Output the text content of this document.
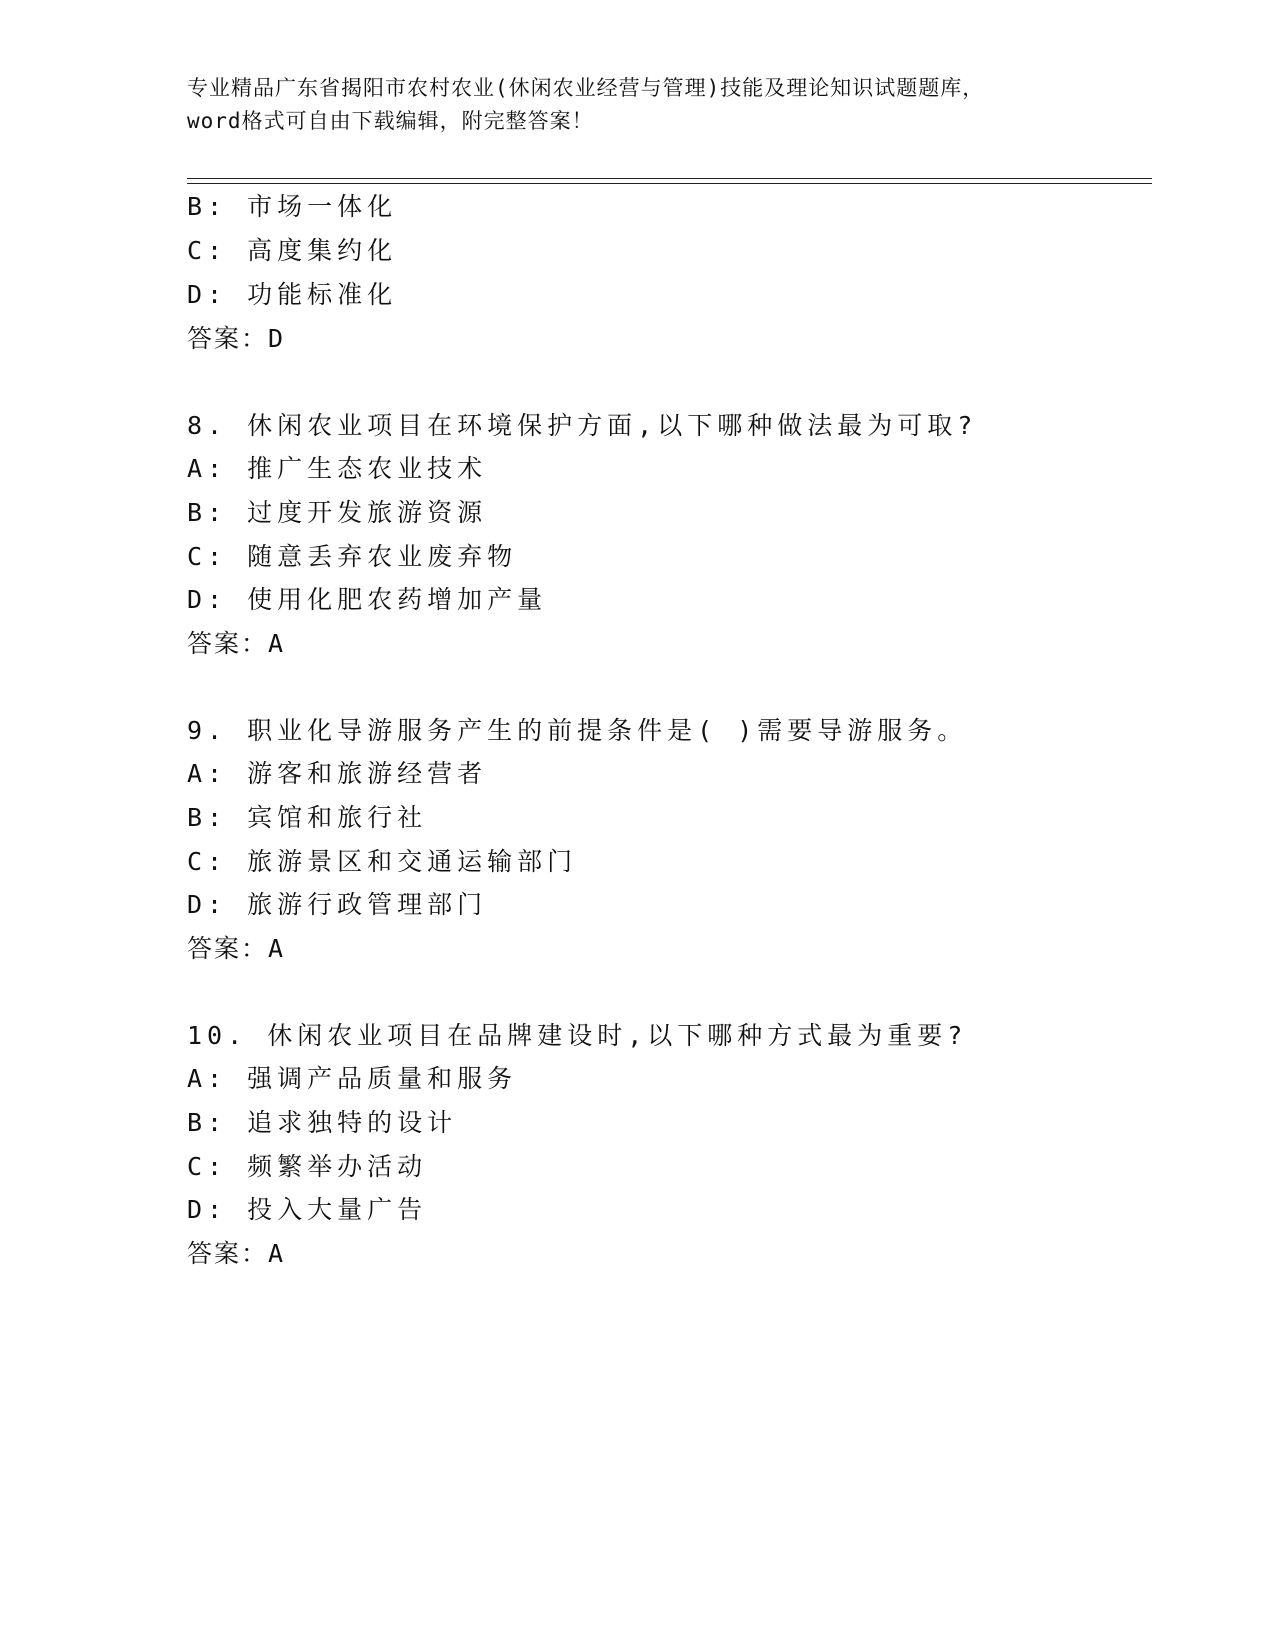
专业精品广东省揭阳市农村农业(休闲农业经营与管理)技能及理论知识试题题库，
word格式可自由下载编辑，附完整答案！
B: 市场一体化
C: 高度集约化
D: 功能标准化
答案：D
8. 休闲农业项目在环境保护方面,以下哪种做法最为可取?
A: 推广生态农业技术
B: 过度开发旅游资源
C: 随意丢弃农业废弃物
D: 使用化肥农药增加产量
答案：A
9. 职业化导游服务产生的前提条件是( )需要导游服务。
A: 游客和旅游经营者
B: 宾馆和旅行社
C: 旅游景区和交通运输部门
D: 旅游行政管理部门
答案：A
10. 休闲农业项目在品牌建设时,以下哪种方式最为重要?
A: 强调产品质量和服务
B: 追求独特的设计
C: 频繁举办活动
D: 投入大量广告
答案：A
